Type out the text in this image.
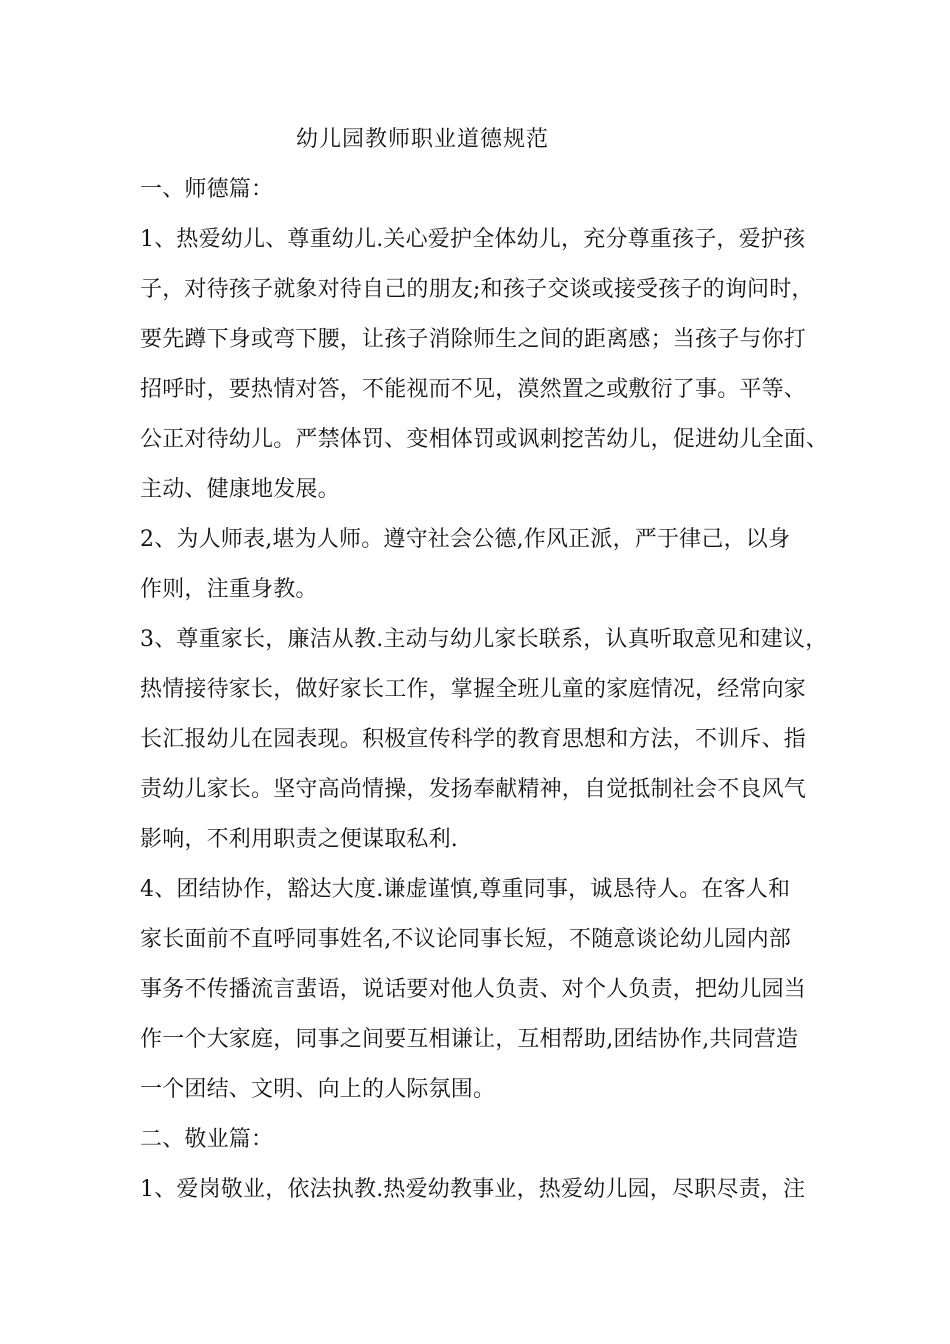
幼儿园教师职业道德规范
一、师德篇：
1、热爱幼儿、尊重幼儿.关心爱护全体幼儿，充分尊重孩子，爱护孩
子，对待孩子就象对待自己的朋友;和孩子交谈或接受孩子的询问时，
要先蹲下身或弯下腰，让孩子消除师生之间的距离感；当孩子与你打
招呼时，要热情对答，不能视而不见，漠然置之或敷衍了事。平等、
公正对待幼儿。严禁体罚、变相体罚或讽刺挖苦幼儿，促进幼儿全面、
主动、健康地发展。
2、为人师表,堪为人师。遵守社会公德,作风正派，严于律己，以身
作则，注重身教。
3、尊重家长，廉洁从教.主动与幼儿家长联系，认真听取意见和建议，
热情接待家长，做好家长工作，掌握全班儿童的家庭情况，经常向家
长汇报幼儿在园表现。积极宣传科学的教育思想和方法，不训斥、指
责幼儿家长。坚守高尚情操，发扬奉献精神，自觉抵制社会不良风气
影响，不利用职责之便谋取私利.
4、团结协作，豁达大度.谦虚谨慎,尊重同事，诚恳待人。在客人和
家长面前不直呼同事姓名,不议论同事长短，不随意谈论幼儿园内部
事务不传播流言蜚语，说话要对他人负责、对个人负责，把幼儿园当
作一个大家庭，同事之间要互相谦让，互相帮助,团结协作,共同营造
一个团结、文明、向上的人际氛围。
二、敬业篇：
1、爱岗敬业，依法执教.热爱幼教事业，热爱幼儿园，尽职尽责，注
